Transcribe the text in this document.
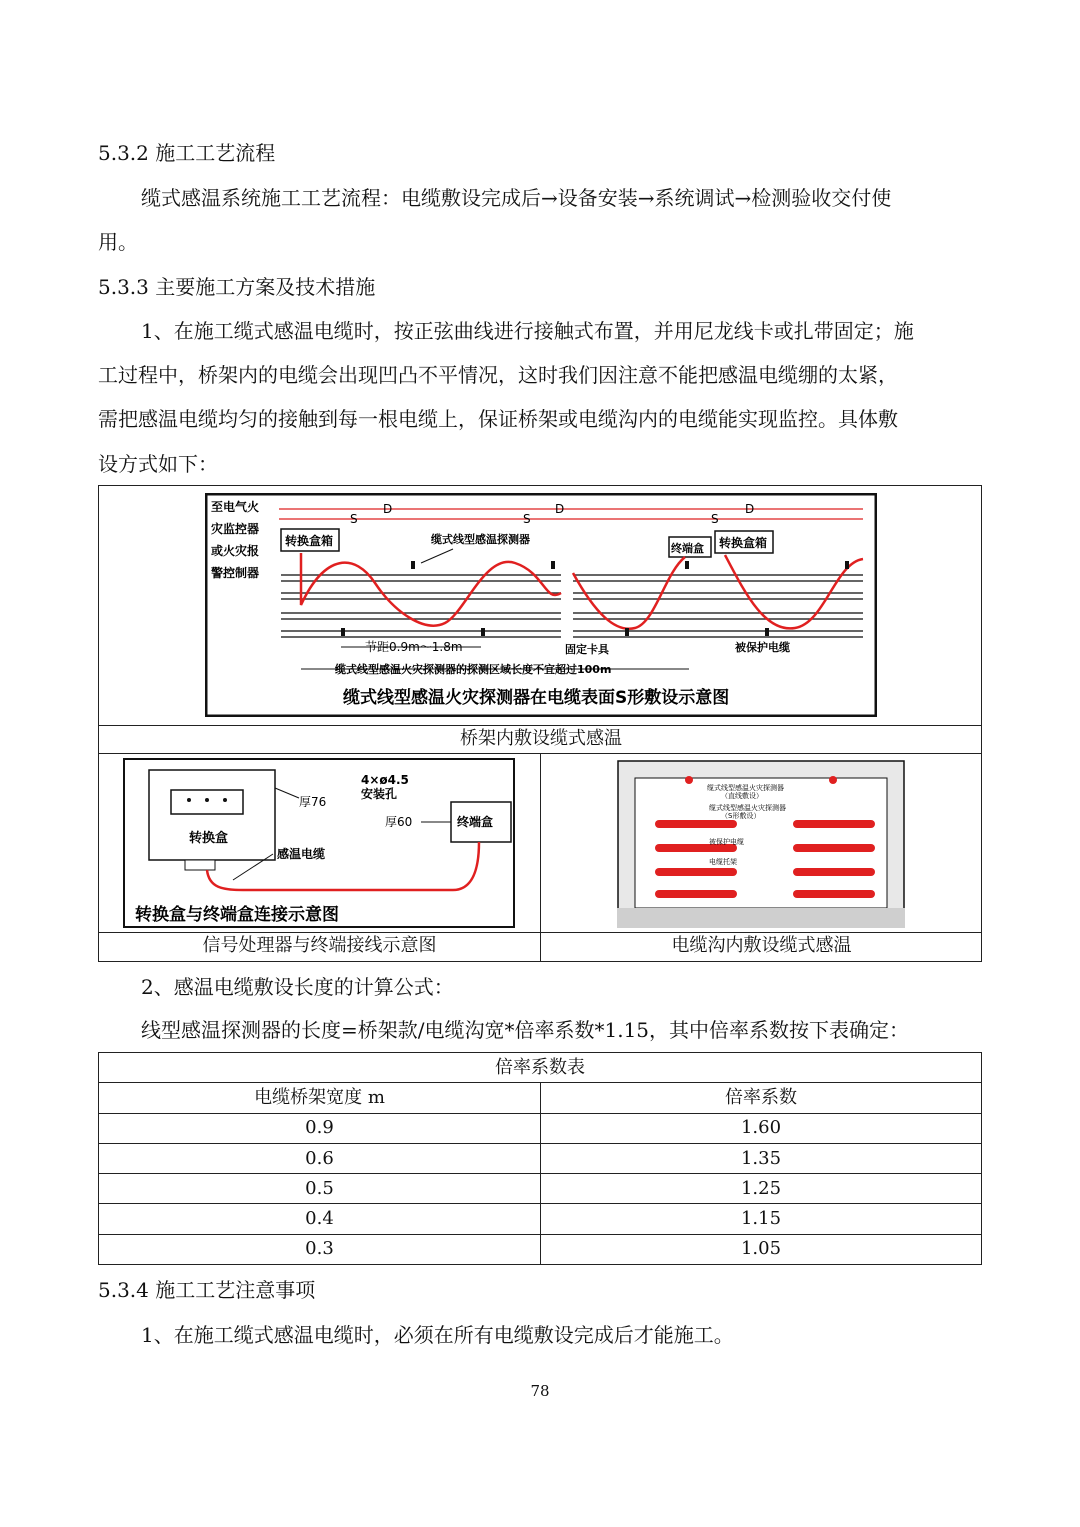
5.3.2 施工工艺流程
缆式感温系统施工工艺流程：电缆敷设完成后→设备安装→系统调试→检测验收交付使
用。
5.3.3 主要施工方案及技术措施
1、在施工缆式感温电缆时，按正弦曲线进行接触式布置，并用尼龙线卡或扎带固定；施
工过程中，桥架内的电缆会出现凹凸不平情况，这时我们因注意不能把感温电缆绷的太紧，
需把感温电缆均匀的接触到每一根电缆上，保证桥架或电缆沟内的电缆能实现监控。具体敷
设方式如下：
至电气火
灾监控器
或火灾报
警控制器
D	D	D
S	S	S
转换盒箱
终端盒 转换盒箱
缆式线型感温探测器
节距0.9m～1.8m	固定卡具	被保护电缆
缆式线型感温火灾探测器的探测区域长度不宜超过100m
缆式线型感温火灾探测器在电缆表面S形敷设示意图
桥架内敷设缆式感温
转换盒
厚76
4×ø4.5
安装孔
终端盒
厚60
感温电缆
转换盒与终端盒连接示意图
信号处理器与终端接线示意图
缆式线型感温火灾探测器
（直线敷设）
缆式线型感温火灾探测器
（S形敷设）
被保护电缆
电缆托架
电缆沟内敷设缆式感温
2、感温电缆敷设长度的计算公式：
线型感温探测器的长度=桥架款/电缆沟宽*倍率系数*1.15，其中倍率系数按下表确定：
倍率系数表	
电缆桥架宽度 m	倍率系数
0.9	1.60
0.6	1.35
0.5	1.25
0.4	1.15
0.3	1.05
5.3.4 施工工艺注意事项
1、在施工缆式感温电缆时，必须在所有电缆敷设完成后才能施工。
78
